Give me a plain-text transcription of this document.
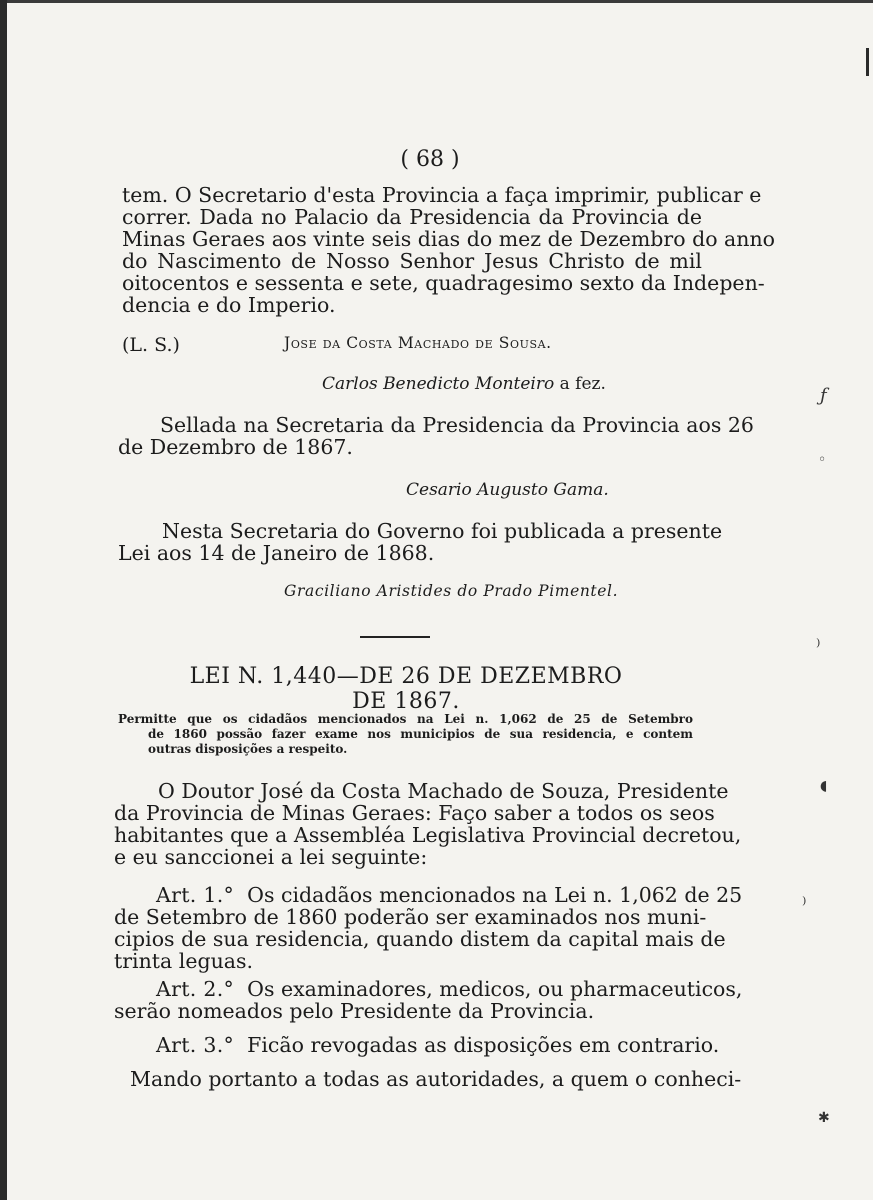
( 68 )
tem. O Secretario d'esta Provincia a faça imprimir, publicar e
correr. Dada no Palacio da Presidencia da Provincia de
Minas Geraes aos vinte seis dias do mez de Dezembro do anno
do Nascimento de Nosso Senhor Jesus Christo de mil
oitocentos e sessenta e sete, quadragesimo sexto da Indepen-
dencia e do Imperio.
(L. S.)	Jose da Costa Machado de Sousa.
Carlos Benedicto Monteiro a fez.
Sellada na Secretaria da Presidencia da Provincia aos 26
de Dezembro de 1867.
Cesario Augusto Gama.
Nesta Secretaria do Governo foi publicada a presente
Lei aos 14 de Janeiro de 1868.
Graciliano Aristides do Prado Pimentel.
LEI N. 1,440—DE 26 DE DEZEMBRO DE 1867.
Permitte que os cidadãos mencionados na Lei n. 1,062 de 25 de Setembro
de 1860 possão fazer exame nos municipios de sua residencia, e contem
outras disposições a respeito.
O Doutor José da Costa Machado de Souza, Presidente
da Provincia de Minas Geraes: Faço saber a todos os seos
habitantes que a Assembléa Legislativa Provincial decretou,
e eu sanccionei a lei seguinte:
Art. 1.° Os cidadãos mencionados na Lei n. 1,062 de 25
de Setembro de 1860 poderão ser examinados nos muni-
cipios de sua residencia, quando distem da capital mais de
trinta leguas.
Art. 2.° Os examinadores, medicos, ou pharmaceuticos,
serão nomeados pelo Presidente da Provincia.
Art. 3.° Ficão revogadas as disposições em contrario.
Mando portanto a todas as autoridades, a quem o conheci-
ƒ
◦
⁾
◖
⁾
✱
